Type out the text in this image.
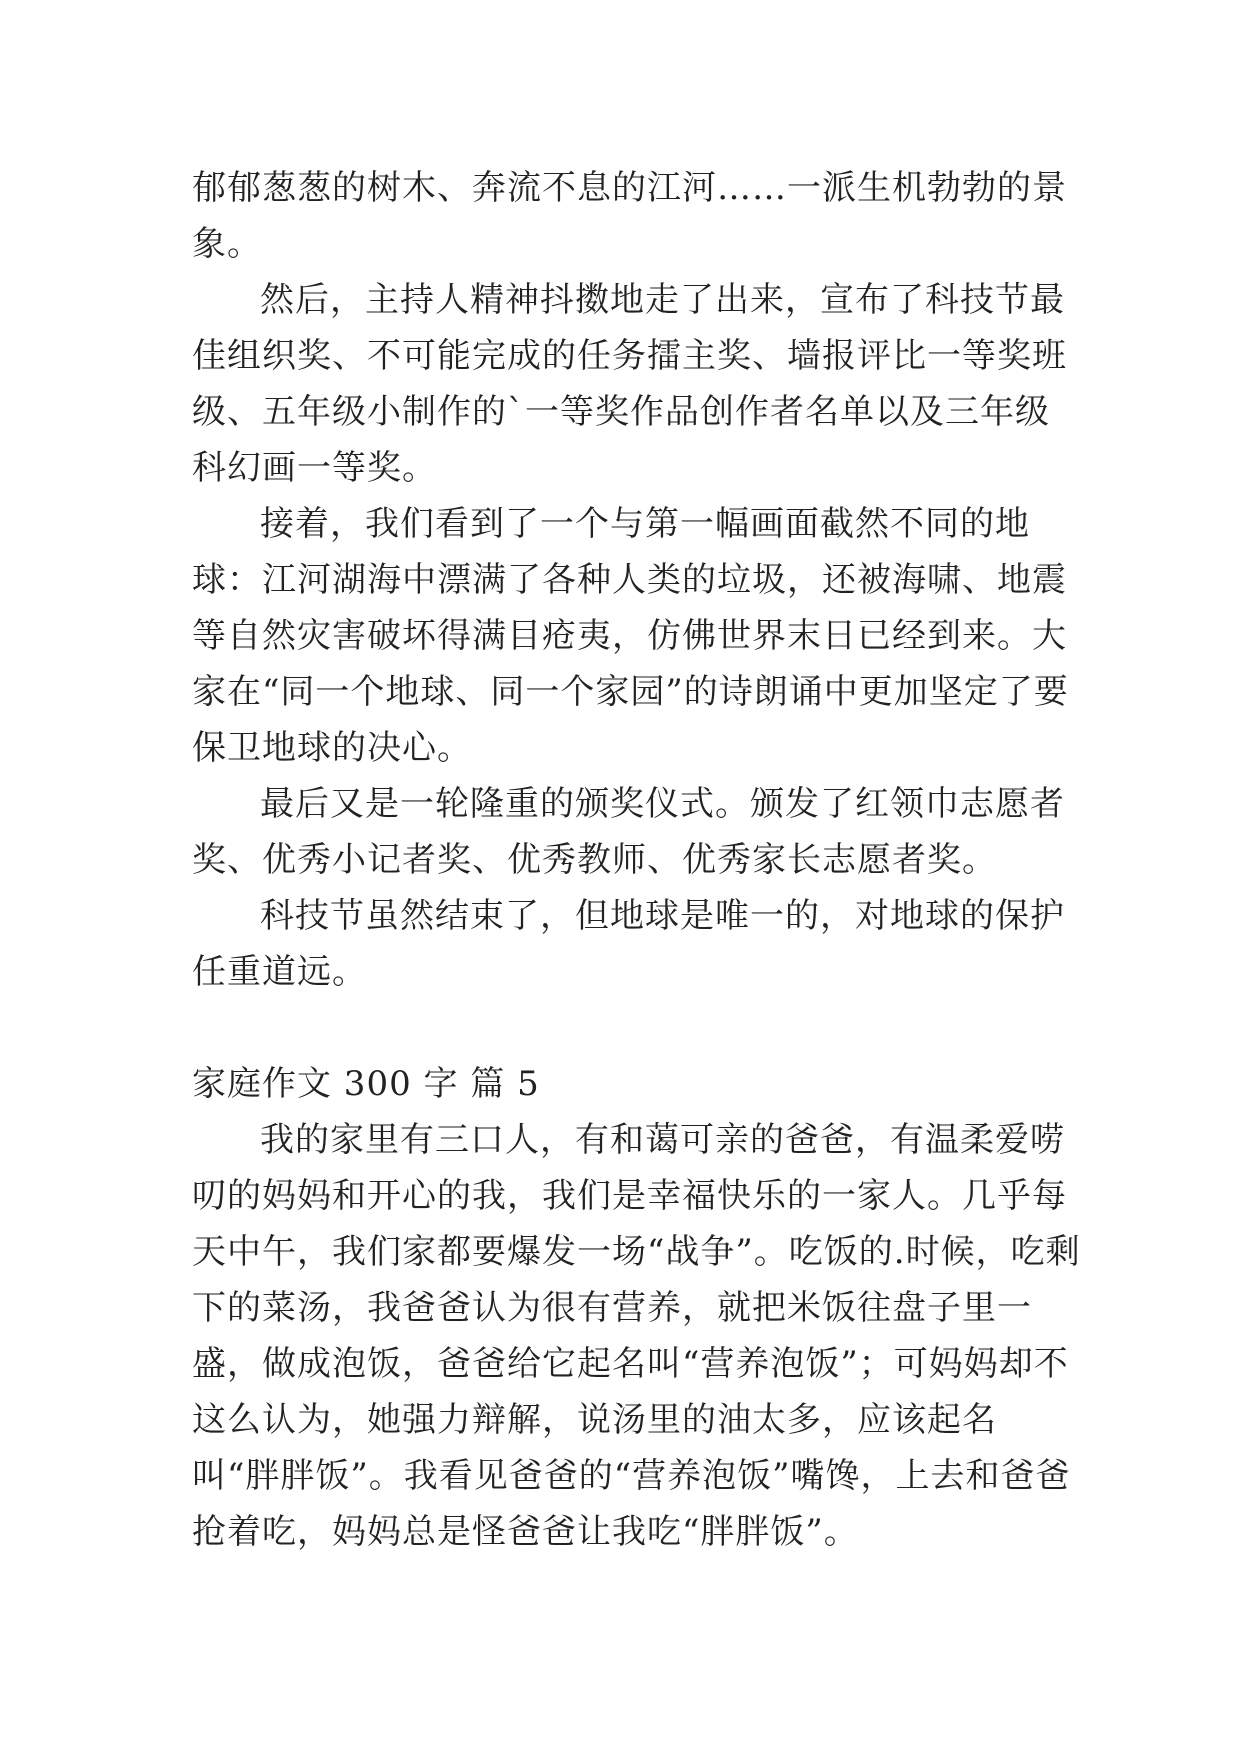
郁郁葱葱的树木、奔流不息的江河……一派生机勃勃的景象。

然后，主持人精神抖擞地走了出来，宣布了科技节最佳组织奖、不可能完成的任务擂主奖、墙报评比一等奖班级、五年级小制作的`一等奖作品创作者名单以及三年级科幻画一等奖。

接着，我们看到了一个与第一幅画面截然不同的地球：江河湖海中漂满了各种人类的垃圾，还被海啸、地震等自然灾害破坏得满目疮夷，仿佛世界末日已经到来。大家在“同一个地球、同一个家园”的诗朗诵中更加坚定了要保卫地球的决心。

最后又是一轮隆重的颁奖仪式。颁发了红领巾志愿者奖、优秀小记者奖、优秀教师、优秀家长志愿者奖。

科技节虽然结束了，但地球是唯一的，对地球的保护任重道远。

家庭作文 300 字 篇 5

我的家里有三口人，有和蔼可亲的爸爸，有温柔爱唠叨的妈妈和开心的我，我们是幸福快乐的一家人。几乎每天中午，我们家都要爆发一场“战争”。吃饭的.时候，吃剩下的菜汤，我爸爸认为很有营养，就把米饭往盘子里一盛，做成泡饭，爸爸给它起名叫“营养泡饭”；可妈妈却不这么认为，她强力辩解，说汤里的油太多，应该起名叫“胖胖饭”。我看见爸爸的“营养泡饭”嘴馋，上去和爸爸抢着吃，妈妈总是怪爸爸让我吃“胖胖饭”。
